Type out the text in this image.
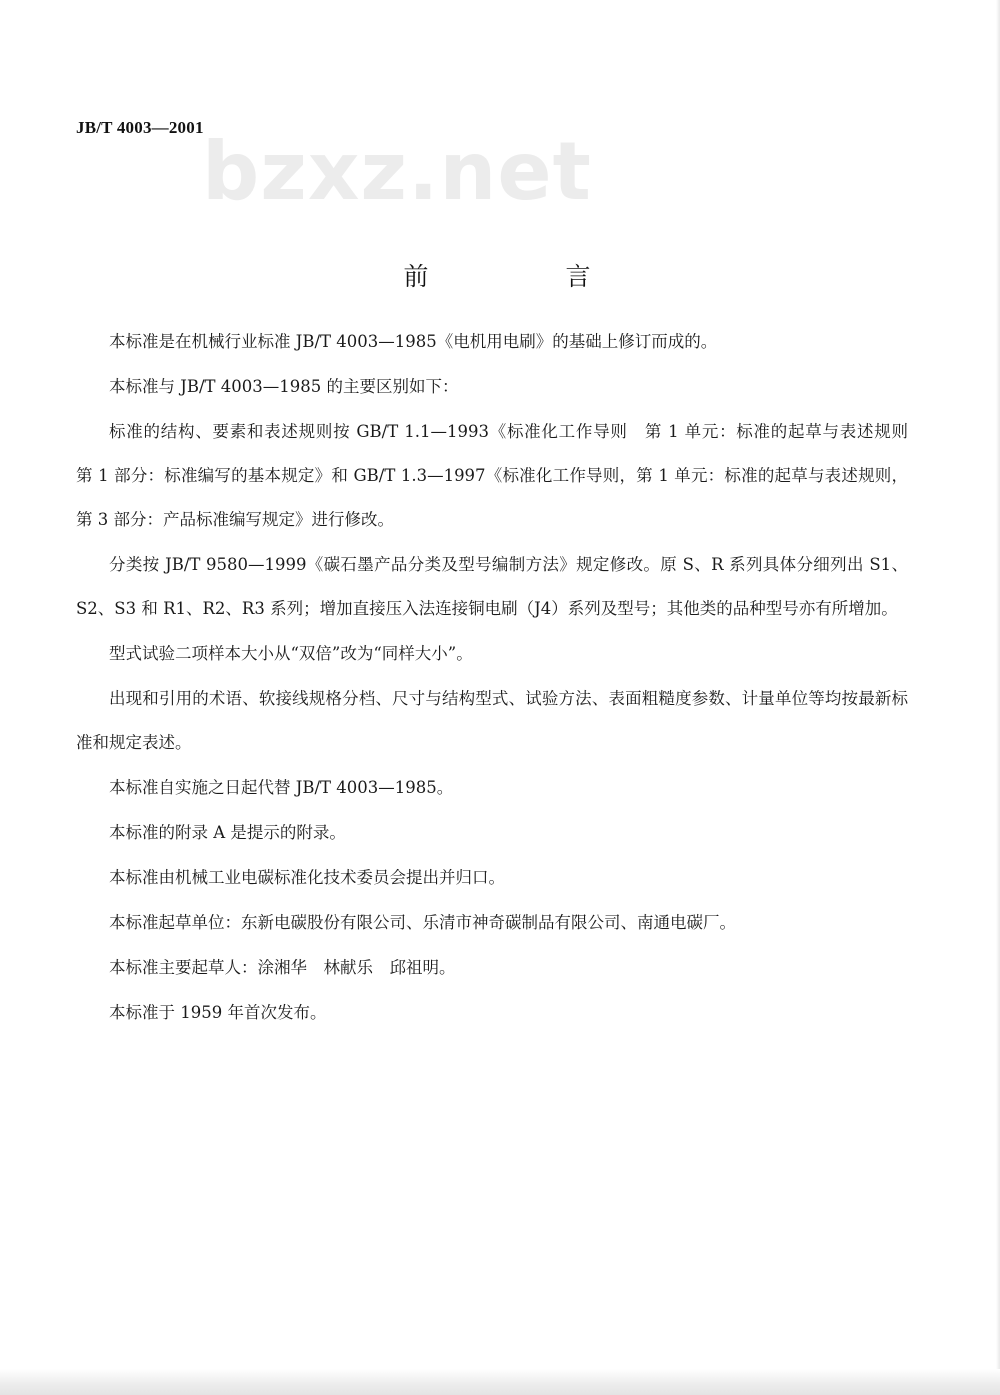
JB/T 4003—2001
bzxz.net
前　言

本标准是在机械行业标准 JB/T 4003—1985《电机用电刷》的基础上修订而成的。

本标准与 JB/T 4003—1985 的主要区别如下：

标准的结构、要素和表述规则按 GB/T 1.1—1993《标准化工作导则　第 1 单元：标准的起草与表述规则　第 1 部分：标准编写的基本规定》和 GB/T 1.3—1997《标准化工作导则，第 1 单元：标准的起草与表述规则，第 3 部分：产品标准编写规定》进行修改。

分类按 JB/T 9580—1999《碳石墨产品分类及型号编制方法》规定修改。原 S、R 系列具体分细列出 S1、S2、S3 和 R1、R2、R3 系列；增加直接压入法连接铜电刷（J4）系列及型号；其他类的品种型号亦有所增加。

型式试验二项样本大小从“双倍”改为“同样大小”。

出现和引用的术语、软接线规格分档、尺寸与结构型式、试验方法、表面粗糙度参数、计量单位等均按最新标准和规定表述。

本标准自实施之日起代替 JB/T 4003—1985。

本标准的附录 A 是提示的附录。

本标准由机械工业电碳标准化技术委员会提出并归口。

本标准起草单位：东新电碳股份有限公司、乐清市神奇碳制品有限公司、南通电碳厂。

本标准主要起草人：涂湘华　林献乐　邱祖明。

本标准于 1959 年首次发布。
